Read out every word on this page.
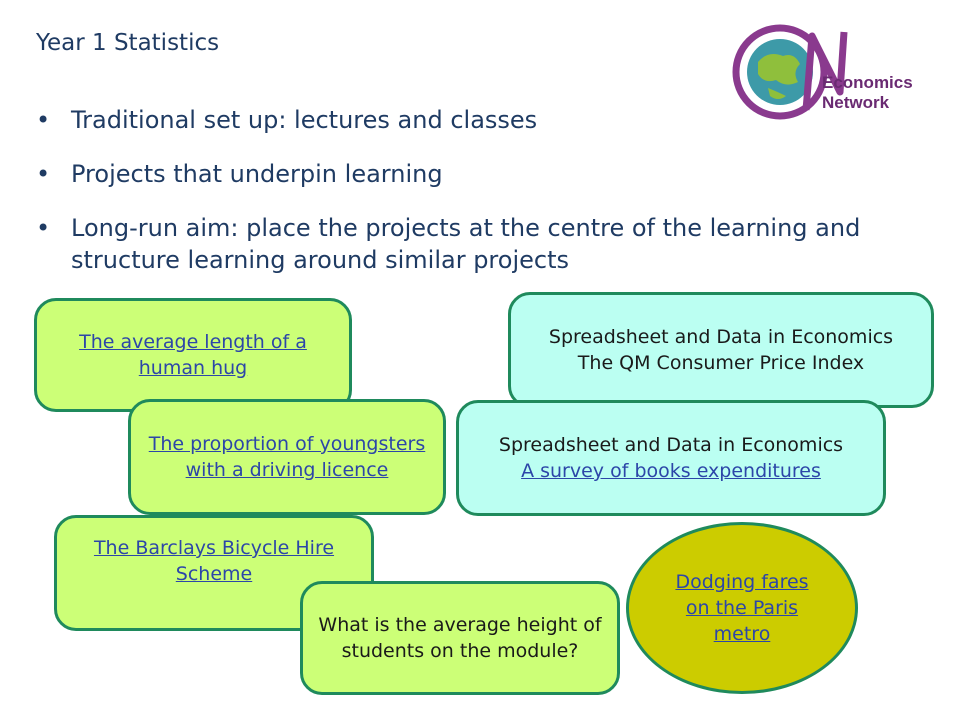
Year 1 Statistics
• Traditional set up: lectures and classes
• Projects that underpin learning
• Long-run aim: place the projects at the centre of the learning and structure learning around similar projects
Economics
Network
The average length of a human hug
Spreadsheet and Data in Economics
The QM Consumer Price Index
The proportion of youngsters with a driving licence
Spreadsheet and Data in Economics
A survey of books expenditures
The Barclays Bicycle Hire Scheme	Dodging fares on the Paris metro
What is the average height of students on the module?
